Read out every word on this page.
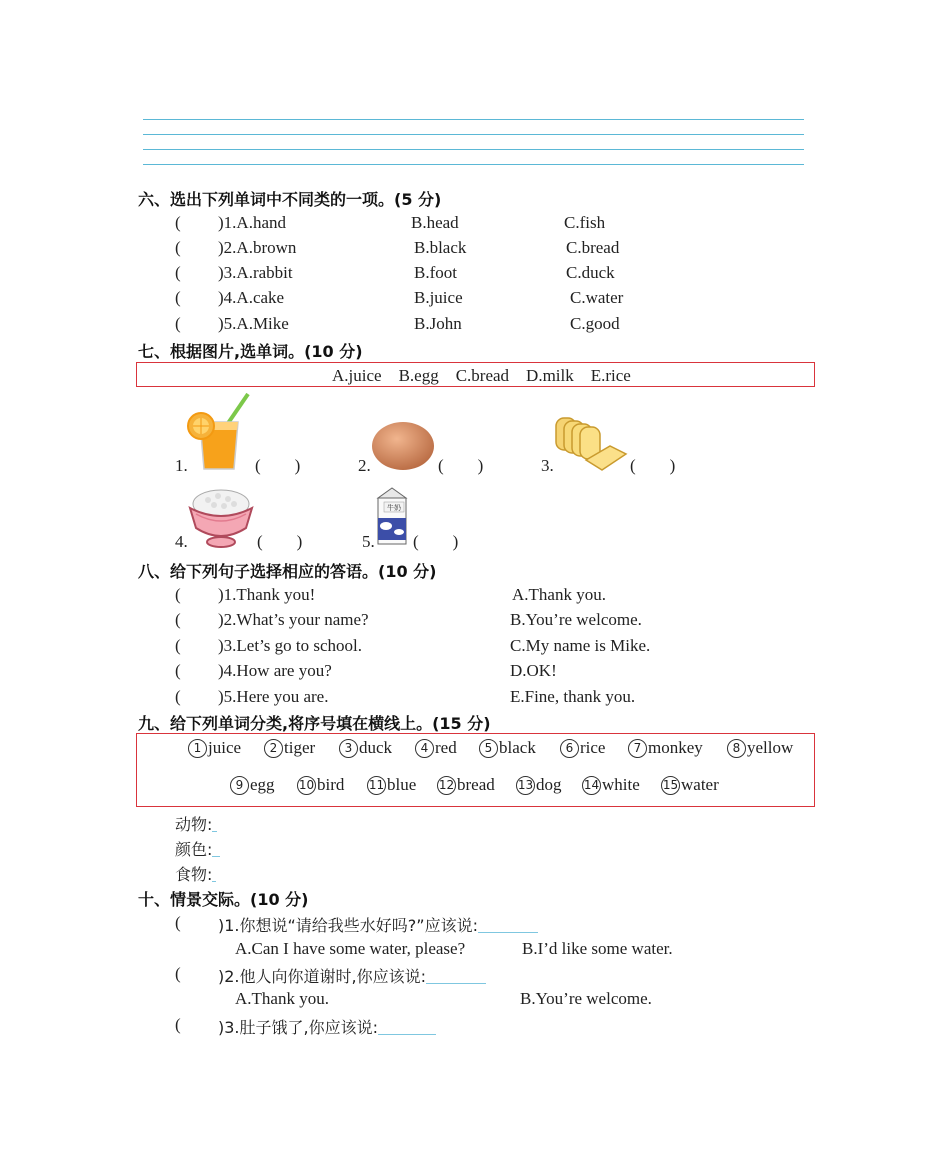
六、选出下列单词中不同类的一项。(5 分)
( )1.A.hand	B.head	C.fish
( )2.A.brown	B.black	C.bread
( )3.A.rabbit	B.foot	C.duck
( )4.A.cake	B.juice	C.water
( )5.A.Mike	B.John	C.good
七、根据图片,选单词。(10 分)
A.juice    B.egg    C.bread    D.milk    E.rice
1.	(        )	2.	(        )	3.	(        )
4.	(        )	5.
牛奶
(        )
八、给下列句子选择相应的答语。(10 分)
( )1.Thank you!	A.Thank you.
( )2.What’s your name?	B.You’re welcome.
( )3.Let’s go to school.	C.My name is Mike.
( )4.How are you?	D.OK!
( )5.Here you are.	E.Fine, thank you.
九、给下列单词分类,将序号填在横线上。(15 分)
1 juice	2 tiger	3 duck	4 red	5 black	6 rice	7 monkey	8 yellow
9 egg 10 bird 11 blue 12 bread 13 dog 14 white 15 water
动物:
颜色:
食物:
十、情景交际。(10 分)
( )1.你想说“请给我些水好吗?”应该说:
A.Can I have some water, please?	B.I’d like some water.
( )2.他人向你道谢时,你应该说:
A.Thank you.	B.You’re welcome.
( )3.肚子饿了,你应该说:
